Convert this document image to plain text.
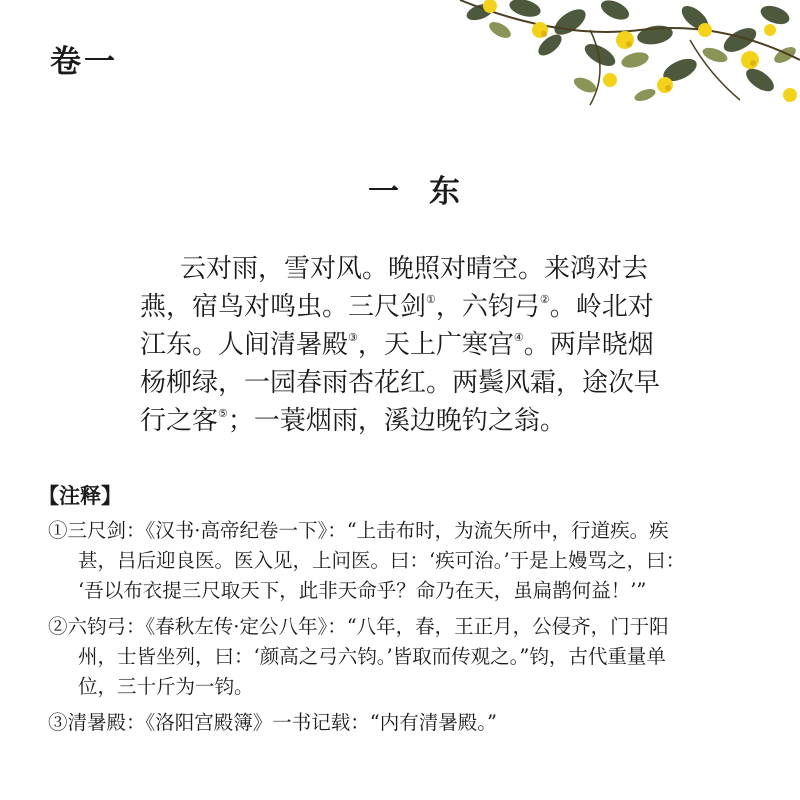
卷一
一 东
云对雨，雪对风。晚照对晴空。来鸿对去
燕，宿鸟对鸣虫。三尺剑①，六钧弓②。岭北对
江东。人间清暑殿③，天上广寒宫④。两岸晓烟
杨柳绿，一园春雨杏花红。两鬓风霜，途次早
行之客⑤；一蓑烟雨，溪边晚钓之翁。
【注释】
①三尺剑：《汉书·高帝纪卷一下》：“上击布时，为流矢所中，行道疾。疾
甚，吕后迎良医。医入见，上问医。曰：‘疾可治。’于是上嫚骂之，曰：
‘吾以布衣提三尺取天下，此非天命乎？命乃在天，虽扁鹊何益！’”
②六钧弓：《春秋左传·定公八年》：“八年，春，王正月，公侵齐，门于阳
州，士皆坐列，曰：‘颜高之弓六钧。’皆取而传观之。”钧，古代重量单
位，三十斤为一钧。
③清暑殿：《洛阳宫殿簿》一书记载：“内有清暑殿。”
